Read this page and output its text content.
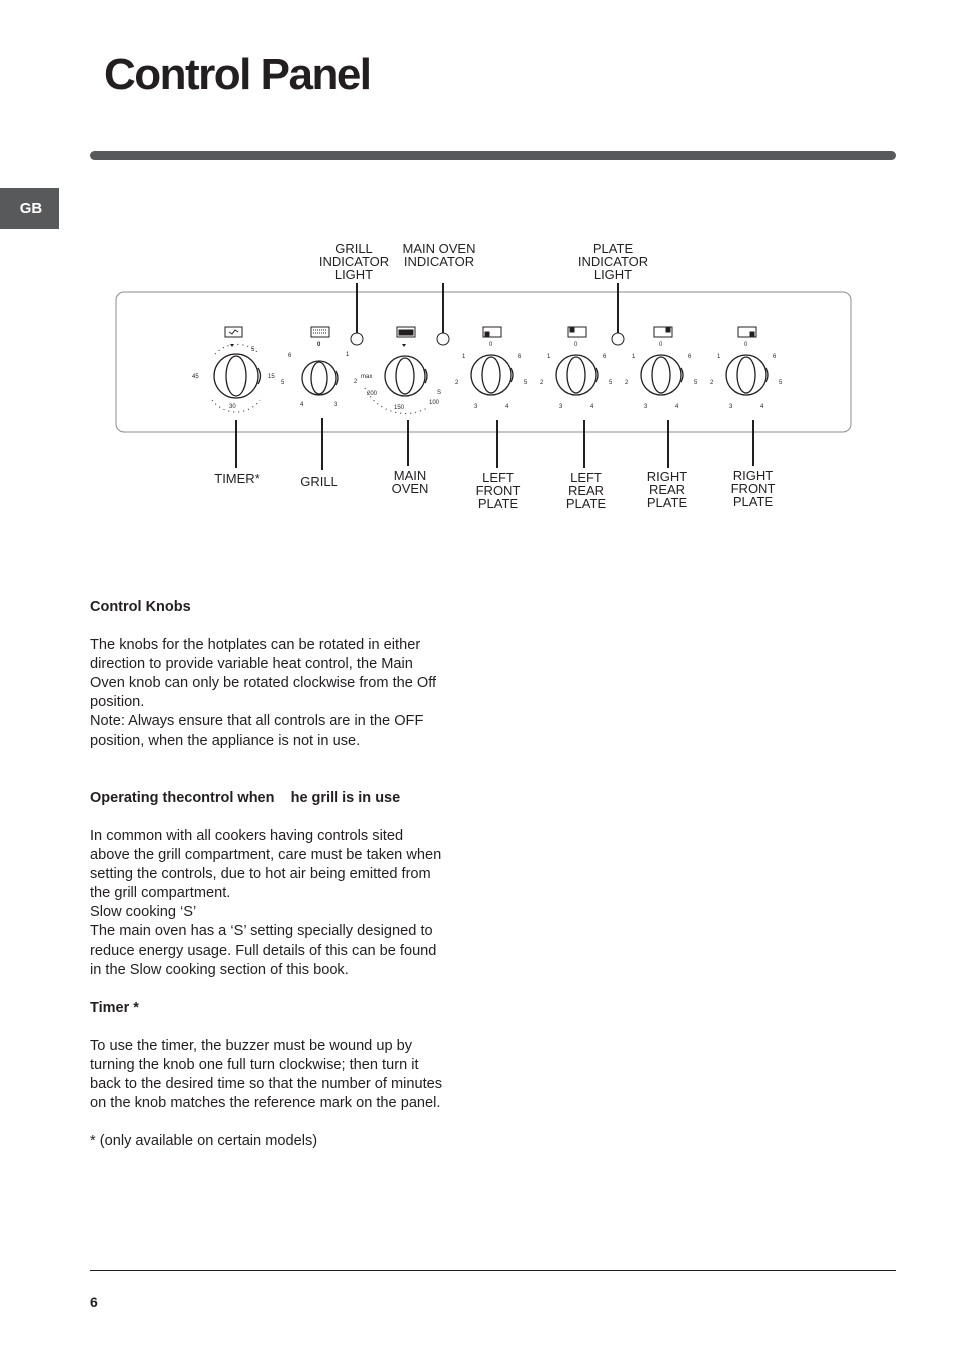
Control Panel
GB
5
15
30
45
0
1
5
4	3
6
max
2
200
150
100
S
0
1	6
2	5
3	4
0
1	6
2	5
3	4
0
1	6
2	5
3	4
0
1	6
2	5
3	4
GRILL
INDICATOR
LIGHT
MAIN OVEN
INDICATOR
PLATE
INDICATOR
LIGHT
TIMER*	GRILL	MAIN
OVEN
LEFT
FRONT
PLATE
LEFT
REAR
PLATE
RIGHT
REAR
PLATE
RIGHT
FRONT
PLATE
Control Knobs

The knobs for the hotplates can be rotated in either
direction to provide variable heat control, the Main
Oven knob can only be rotated clockwise from the Off
position.
Note: Always ensure that all controls are in the OFF
position, when the appliance is not in use.

Operating thecontrol when    he grill is in use

In common with all cookers having controls sited
above the grill compartment, care must be taken when
setting the controls, due to hot air being emitted from
the grill compartment.
Slow cooking ‘S’
The main oven has a ‘S’ setting specially designed to
reduce energy usage. Full details of this can be found
in the Slow cooking section of this book.

Timer *

To use the timer, the buzzer must be wound up by
turning the knob one full turn clockwise; then turn it
back to the desired time so that the number of minutes
on the knob matches the reference mark on the panel.

* (only available on certain models)

6
